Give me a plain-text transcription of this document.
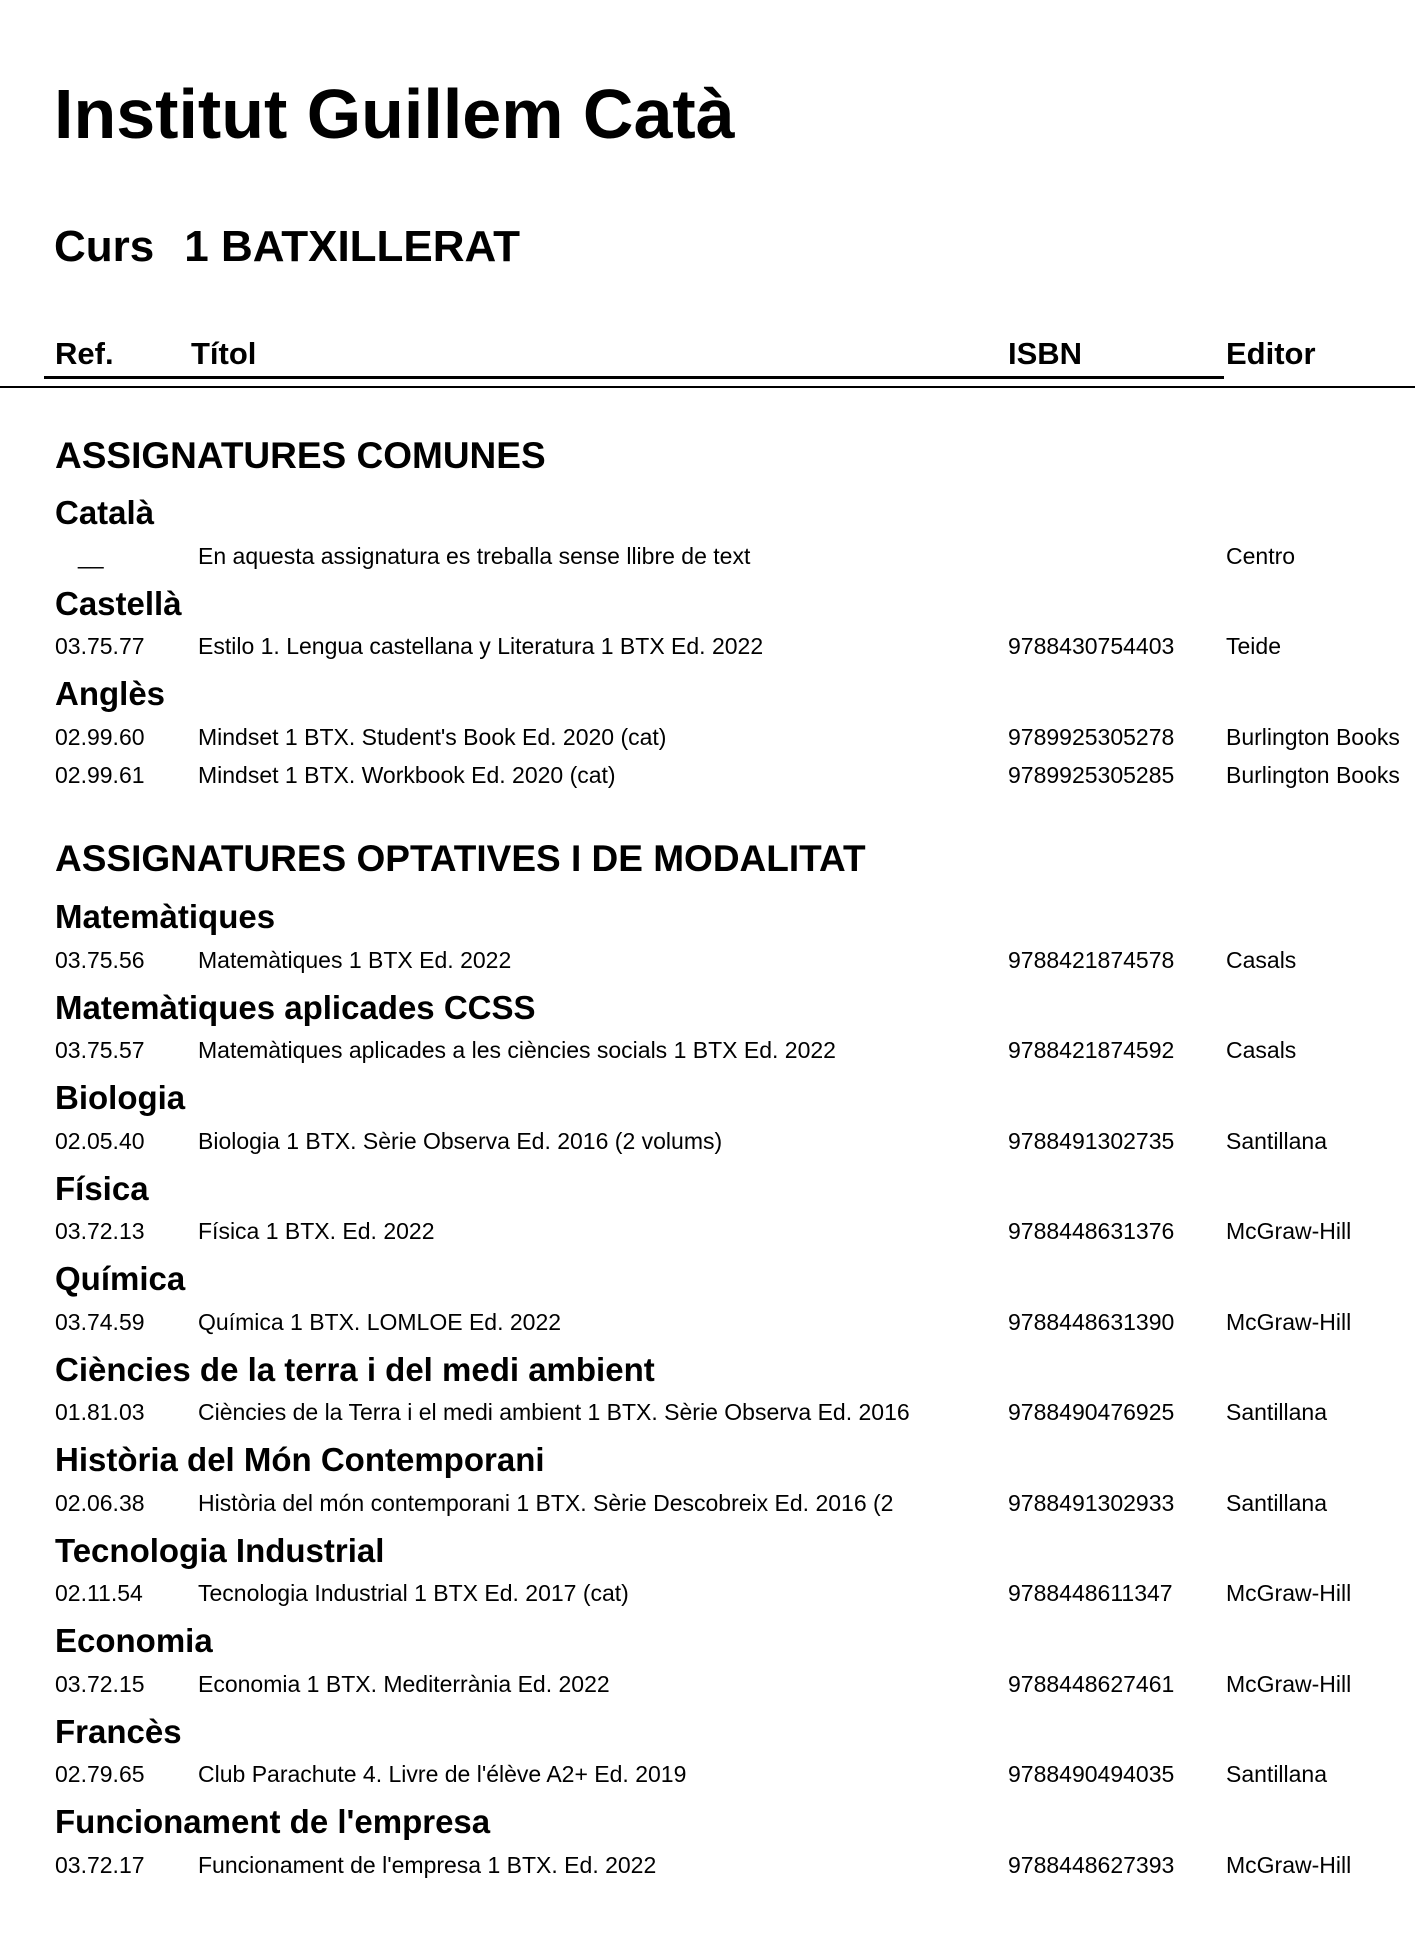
Institut Guillem Catà
Curs 1 BATXILLERAT
Ref. Títol	ISBN	Editor
ASSIGNATURES COMUNES
Català
__	En aquesta assignatura es treballa sense llibre de text	Centro
Castellà
03.75.77 Estilo 1. Lengua castellana y Literatura 1 BTX Ed. 2022	9788430754403 Teide
Anglès
02.99.60 Mindset 1 BTX. Student's Book Ed. 2020 (cat)	9789925305278 Burlington Books
02.99.61 Mindset 1 BTX. Workbook Ed. 2020 (cat)	9789925305285 Burlington Books
ASSIGNATURES OPTATIVES I DE MODALITAT
Matemàtiques
03.75.56 Matemàtiques 1 BTX Ed. 2022	9788421874578 Casals
Matemàtiques aplicades CCSS
03.75.57 Matemàtiques aplicades a les ciències socials 1 BTX Ed. 2022	9788421874592 Casals
Biologia
02.05.40 Biologia 1 BTX. Sèrie Observa Ed. 2016 (2 volums)	9788491302735 Santillana
Física
03.72.13 Física 1 BTX. Ed. 2022	9788448631376 McGraw-Hill
Química
03.74.59 Química 1 BTX. LOMLOE Ed. 2022	9788448631390 McGraw-Hill
Ciències de la terra i del medi ambient
01.81.03 Ciències de la Terra i el medi ambient 1 BTX. Sèrie Observa Ed. 2016	9788490476925 Santillana
Història del Món Contemporani
02.06.38 Història del món contemporani 1 BTX. Sèrie Descobreix Ed. 2016 (2	9788491302933 Santillana
Tecnologia Industrial
02.11.54 Tecnologia Industrial 1 BTX Ed. 2017 (cat)	9788448611347 McGraw-Hill
Economia
03.72.15 Economia 1 BTX. Mediterrània Ed. 2022	9788448627461 McGraw-Hill
Francès
02.79.65 Club Parachute 4. Livre de l'élève A2+ Ed. 2019	9788490494035 Santillana
Funcionament de l'empresa
03.72.17 Funcionament de l'empresa 1 BTX. Ed. 2022	9788448627393 McGraw-Hill
